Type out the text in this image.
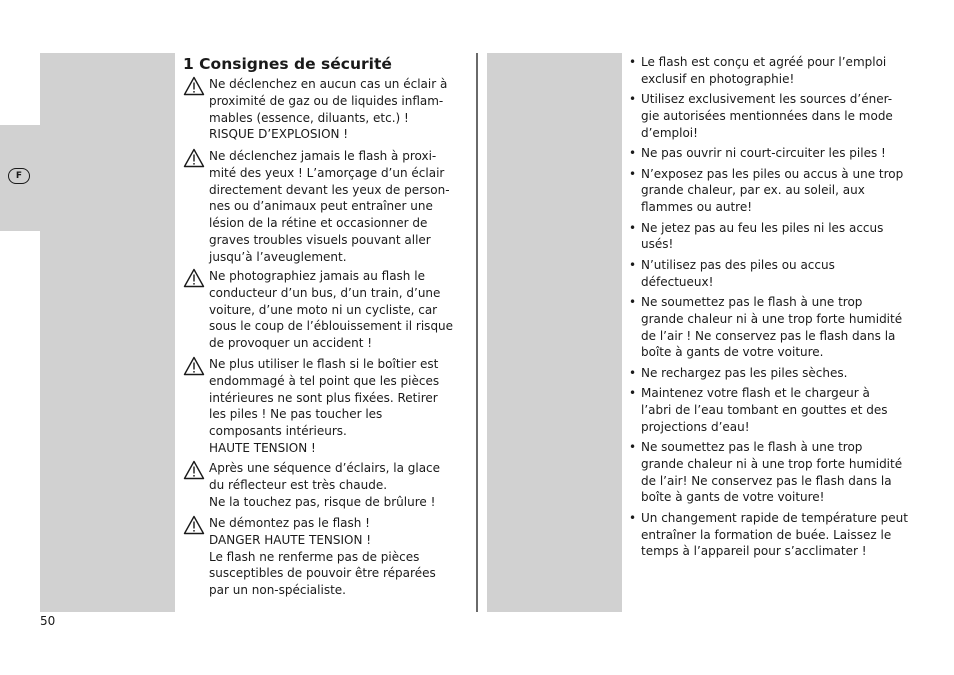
F
1 Consignes de sécurité
Ne déclenchez en aucun cas un éclair à
proximité de gaz ou de liquides inflam-
mables (essence, diluants, etc.) !
RISQUE D’EXPLOSION !
Ne déclenchez jamais le flash à proxi-
mité des yeux ! L’amorçage d’un éclair
directement devant les yeux de person-
nes ou d’animaux peut entraîner une
lésion de la rétine et occasionner de
graves troubles visuels pouvant aller
jusqu’à l’aveuglement.
Ne photographiez jamais au flash le
conducteur d’un bus, d’un train, d’une
voiture, d’une moto ni un cycliste, car
sous le coup de l’éblouissement il risque
de provoquer un accident !
Ne plus utiliser le flash si le boîtier est
endommagé à tel point que les pièces
intérieures ne sont plus fixées. Retirer
les piles ! Ne pas toucher les
composants intérieurs.
HAUTE TENSION !
Après une séquence d’éclairs, la glace
du réflecteur est très chaude.
Ne la touchez pas, risque de brûlure !
Ne démontez pas le flash !
DANGER HAUTE TENSION !
Le flash ne renferme pas de pièces
susceptibles de pouvoir être réparées
par un non-spécialiste.
• Le flash est conçu et agréé pour l’emploi
exclusif en photographie!
• Utilisez exclusivement les sources d’éner-
gie autorisées mentionnées dans le mode
d’emploi!
• Ne pas ouvrir ni court-circuiter les piles !
• N’exposez pas les piles ou accus à une trop
grande chaleur, par ex. au soleil, aux
flammes ou autre!
• Ne jetez pas au feu les piles ni les accus
usés!
• N’utilisez pas des piles ou accus
défectueux!
• Ne soumettez pas le flash à une trop
grande chaleur ni à une trop forte humidité
de l’air ! Ne conservez pas le flash dans la
boîte à gants de votre voiture.
• Ne rechargez pas les piles sèches.
• Maintenez votre flash et le chargeur à
l’abri de l’eau tombant en gouttes et des
projections d’eau!
• Ne soumettez pas le flash à une trop
grande chaleur ni à une trop forte humidité
de l’air! Ne conservez pas le flash dans la
boîte à gants de votre voiture!
• Un changement rapide de température peut
entraîner la formation de buée. Laissez le
temps à l’appareil pour s’acclimater !
50
